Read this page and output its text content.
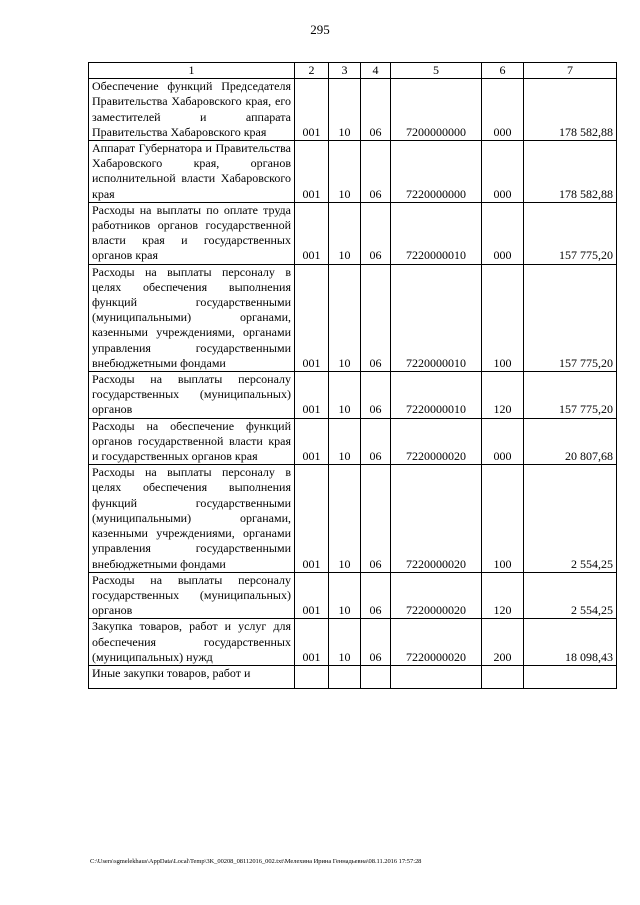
295
1	2	3	4	5	6	7
Обеспечение функций Председателя Правительства Хабаровского края, его заместителей и аппарата Правительства Хабаровского края	001	10	06	7200000000	000	178 582,88
Аппарат Губернатора и Правительства Хабаровского края, органов исполнительной власти Хабаровского края	001	10	06	7220000000	000	178 582,88
Расходы на выплаты по оплате труда работников органов государственной власти края и государственных органов края	001	10	06	7220000010	000	157 775,20
Расходы на выплаты персоналу в целях обеспечения выполнения функций государственными (муниципальными) органами, казенными учреждениями, органами управления государственными внебюджетными фондами	001	10	06	7220000010	100	157 775,20
Расходы на выплаты персоналу государственных (муниципальных) органов	001	10	06	7220000010	120	157 775,20
Расходы на обеспечение функций органов государственной власти края и государственных органов края	001	10	06	7220000020	000	20 807,68
Расходы на выплаты персоналу в целях обеспечения выполнения функций государственными (муниципальными) органами, казенными учреждениями, органами управления государственными внебюджетными фондами	001	10	06	7220000020	100	2 554,25
Расходы на выплаты персоналу государственных (муниципальных) органов	001	10	06	7220000020	120	2 554,25
Закупка товаров, работ и услуг для обеспечения государственных (муниципальных) нужд	001	10	06	7220000020	200	18 098,43
Иные закупки товаров, работ и						
C:\Users\sgmelekhaus\AppData\Local\Temp\3K_00208_08112016_002.txt\Мелехина Ирина Геннадьевна\08.11.2016 17:57:28
